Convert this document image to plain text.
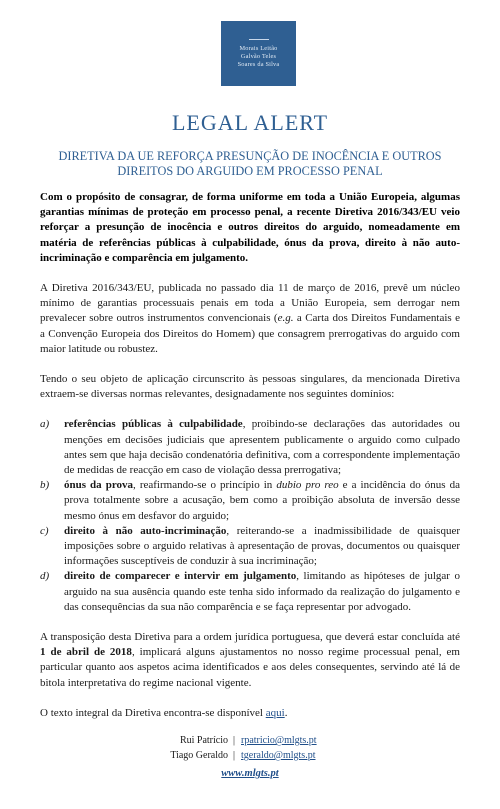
Morais Leitão
Galvão Teles
Soares da Silva
LEGAL ALERT
DIRETIVA DA UE REFORÇA PRESUNÇÃO DE INOCÊNCIA E OUTROS DIREITOS DO ARGUIDO EM PROCESSO PENAL

Com o propósito de consagrar, de forma uniforme em toda a União Europeia, algumas garantias mínimas de proteção em processo penal, a recente Diretiva 2016/343/EU veio reforçar a presunção de inocência e outros direitos do arguido, nomeadamente em matéria de referências públicas à culpabilidade, ónus da prova, direito à não auto-incriminação e comparência em julgamento.

A Diretiva 2016/343/EU, publicada no passado dia 11 de março de 2016, prevê um núcleo mínimo de garantias processuais penais em toda a União Europeia, sem derrogar nem prevalecer sobre outros instrumentos convencionais (e.g. a Carta dos Direitos Fundamentais e a Convenção Europeia dos Direitos do Homem) que consagrem prerrogativas do arguido com maior latitude ou robustez.

Tendo o seu objeto de aplicação circunscrito às pessoas singulares, da mencionada Diretiva extraem-se diversas normas relevantes, designadamente nos seguintes domínios:

a)	referências públicas à culpabilidade, proibindo-se declarações das autoridades ou menções em decisões judiciais que apresentem publicamente o arguido como culpado antes sem que haja decisão condenatória definitiva, com a correspondente implementação de medidas de reacção em caso de violação dessa prerrogativa;
b)	ónus da prova, reafirmando-se o princípio in dubio pro reo e a incidência do ónus da prova totalmente sobre a acusação, bem como a proibição absoluta de inversão desse mesmo ónus em desfavor do arguido;
c)	direito à não auto-incriminação, reiterando-se a inadmissibilidade de quaisquer imposições sobre o arguido relativas à apresentação de provas, documentos ou quaisquer informações susceptíveis de conduzir à sua incriminação;
d)	direito de comparecer e intervir em julgamento, limitando as hipóteses de julgar o arguido na sua ausência quando este tenha sido informado da realização do julgamento e das consequências da sua não comparência e se faça representar por advogado.

A transposição desta Diretiva para a ordem jurídica portuguesa, que deverá estar concluída até 1 de abril de 2018, implicará alguns ajustamentos no nosso regime processual penal, em particular quanto aos aspetos acima identificados e aos deles consequentes, servindo até lá de bitola interpretativa do regime nacional vigente.

O texto integral da Diretiva encontra-se disponível aqui.

Rui Patrício | rpatricio@mlgts.pt
Tiago Geraldo | tgeraldo@mlgts.pt
www.mlgts.pt
